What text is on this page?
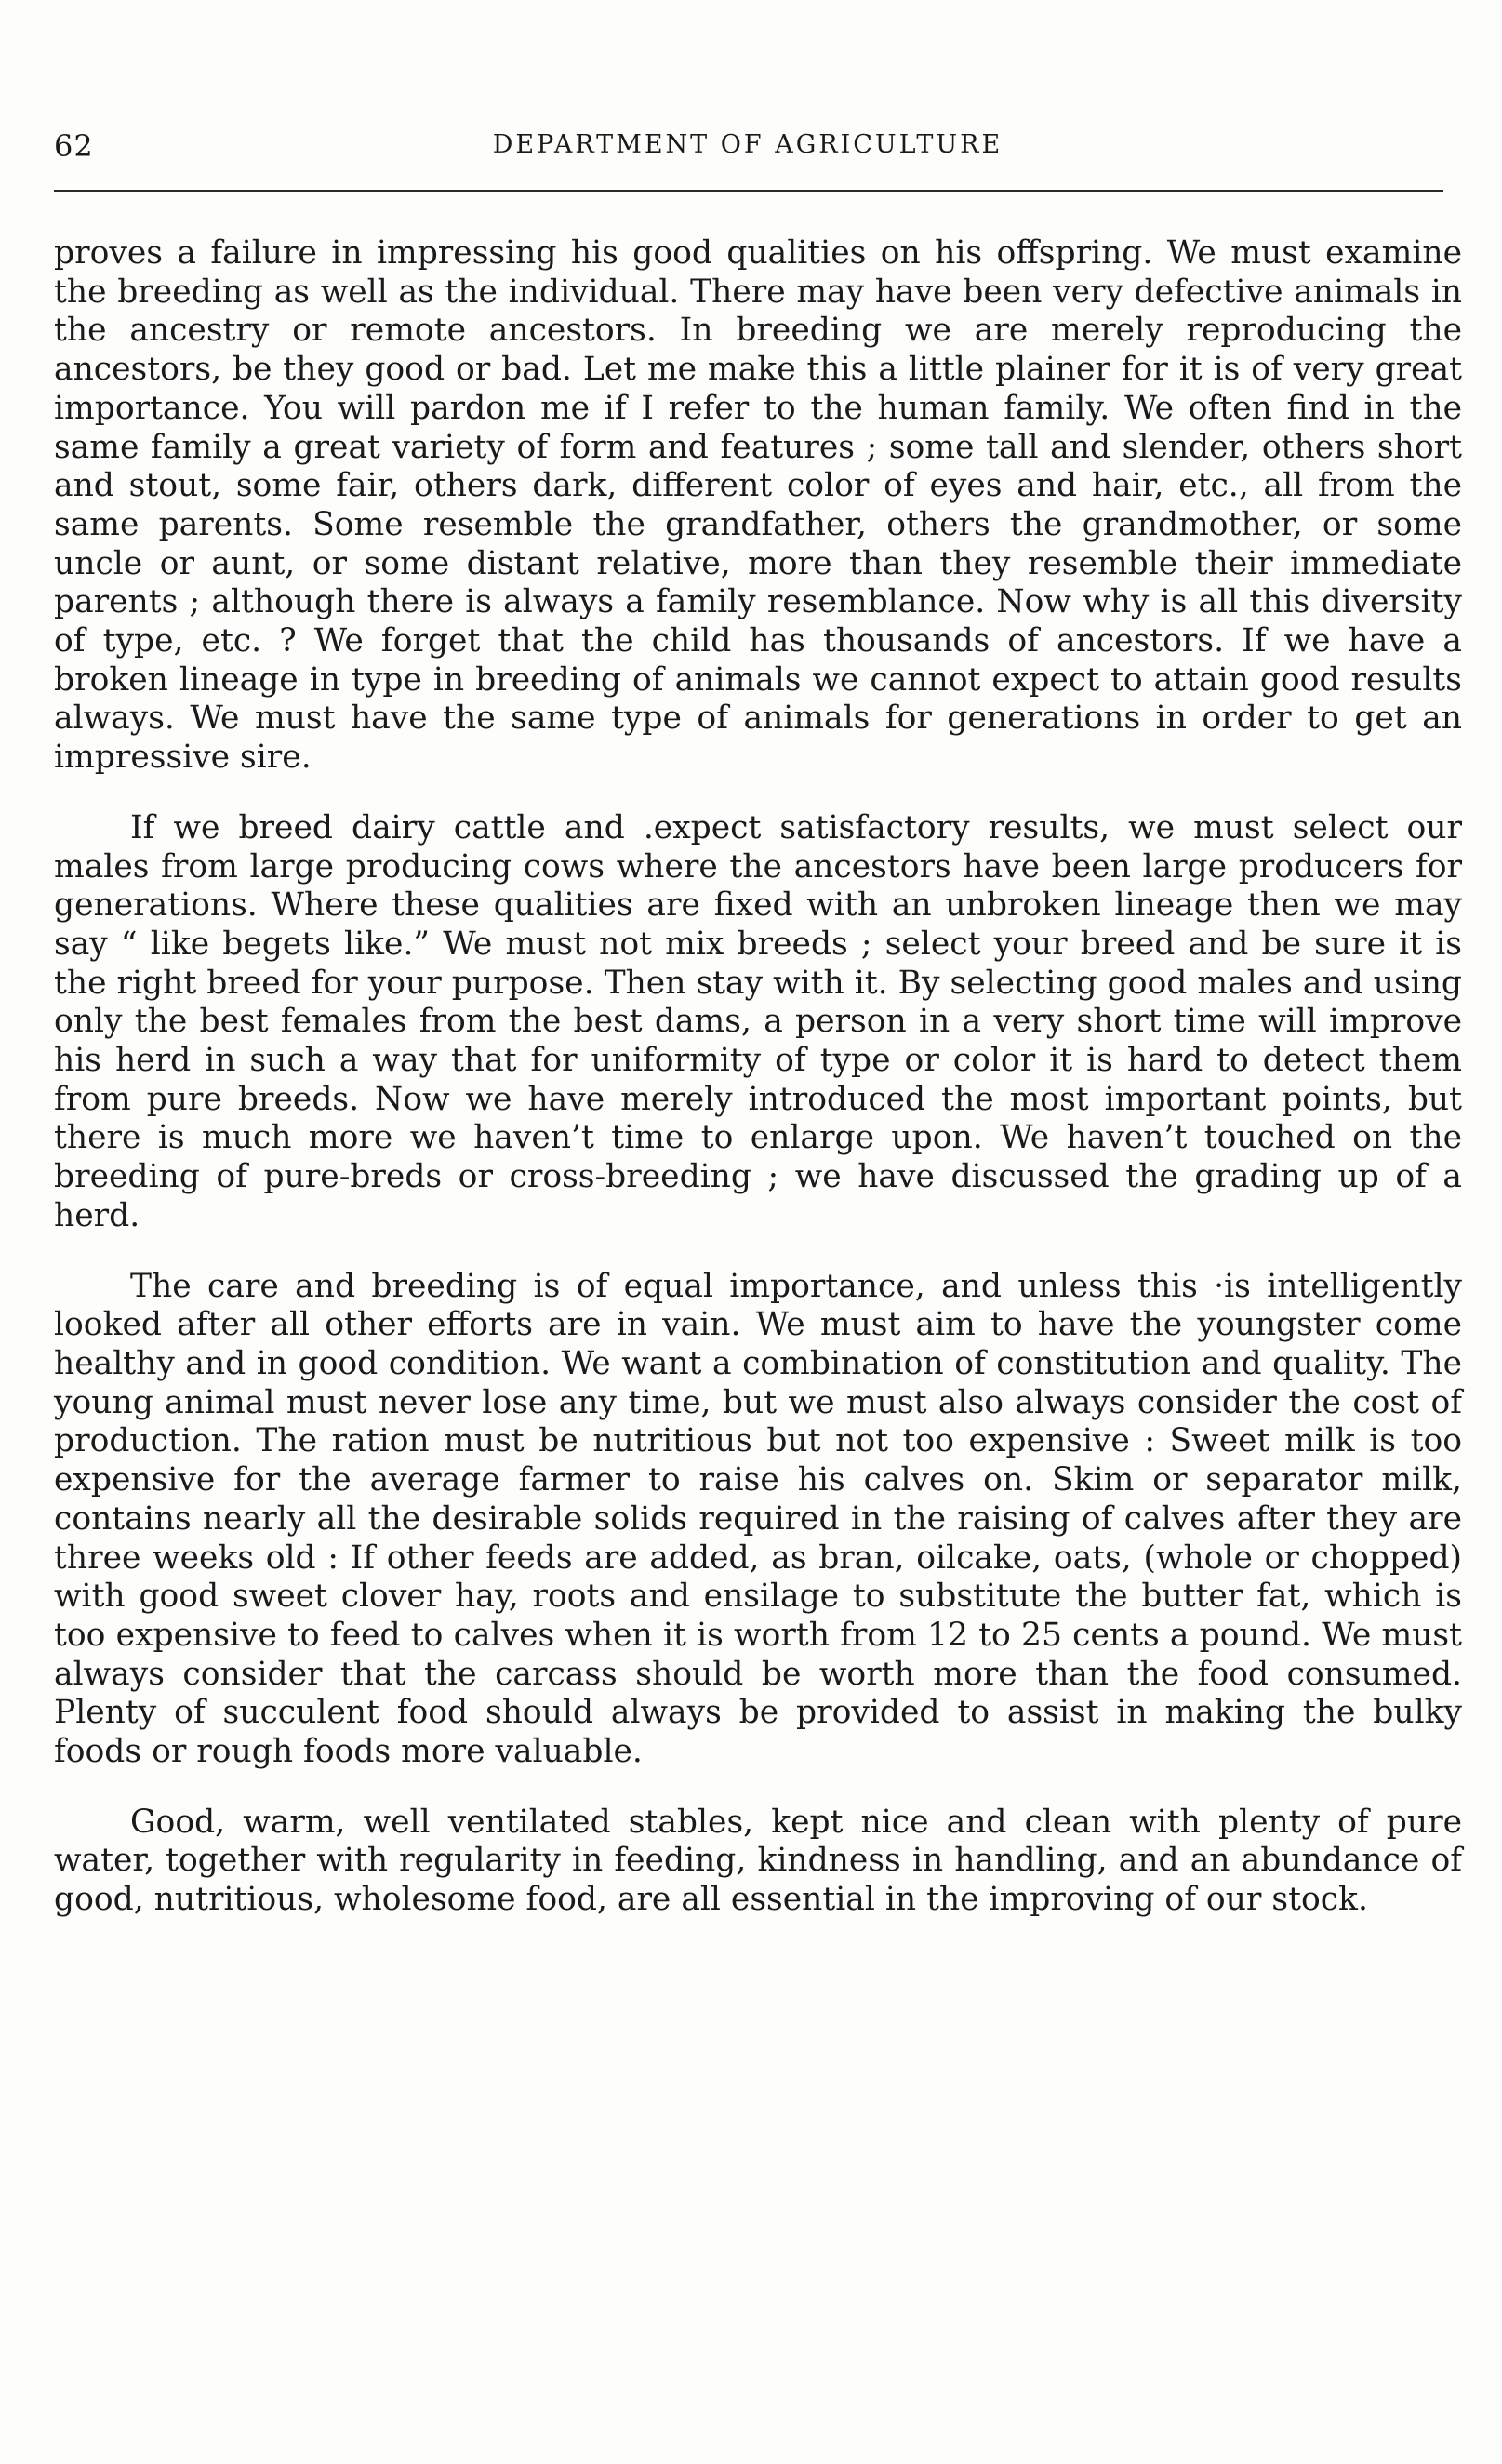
62	DEPARTMENT OF AGRICULTURE

proves a failure in impressing his good qualities on his offspring. We must examine the breeding as well as the individual. There may have been very defective animals in the ancestry or remote ancestors. In breeding we are merely reproducing the ancestors, be they good or bad. Let me make this a little plainer for it is of very great importance. You will pardon me if I refer to the human family. We often find in the same family a great variety of form and features ; some tall and slender, others short and stout, some fair, others dark, different color of eyes and hair, etc., all from the same parents. Some resemble the grandfather, others the grandmother, or some uncle or aunt, or some distant relative, more than they resemble their immediate parents ; although there is always a family resemblance. Now why is all this diversity of type, etc. ? We forget that the child has thousands of ancestors. If we have a broken lineage in type in breeding of animals we cannot expect to attain good results always. We must have the same type of animals for generations in order to get an impressive sire.

If we breed dairy cattle and .expect satisfactory results, we must select our males from large producing cows where the ancestors have been large producers for generations. Where these qualities are fixed with an unbroken lineage then we may say “ like begets like.” We must not mix breeds ; select your breed and be sure it is the right breed for your purpose. Then stay with it. By selecting good males and using only the best females from the best dams, a person in a very short time will improve his herd in such a way that for uniformity of type or color it is hard to detect them from pure breeds. Now we have merely introduced the most important points, but there is much more we haven’t time to enlarge upon. We haven’t touched on the breeding of pure-breds or cross-breeding ; we have discussed the grading up of a herd.

The care and breeding is of equal importance, and unless this ·is intelligently looked after all other efforts are in vain. We must aim to have the youngster come healthy and in good condition. We want a combination of constitution and quality. The young animal must never lose any time, but we must also always consider the cost of production. The ration must be nutritious but not too expensive : Sweet milk is too expensive for the average farmer to raise his calves on. Skim or separator milk, contains nearly all the desirable solids required in the raising of calves after they are three weeks old : If other feeds are added, as bran, oilcake, oats, (whole or chopped) with good sweet clover hay, roots and ensilage to substitute the butter fat, which is too expensive to feed to calves when it is worth from 12 to 25 cents a pound. We must always consider that the carcass should be worth more than the food consumed. Plenty of succulent food should always be provided to assist in making the bulky foods or rough foods more valuable.

Good, warm, well ventilated stables, kept nice and clean with plenty of pure water, together with regularity in feeding, kindness in handling, and an abundance of good, nutritious, wholesome food, are all essential in the improving of our stock.
